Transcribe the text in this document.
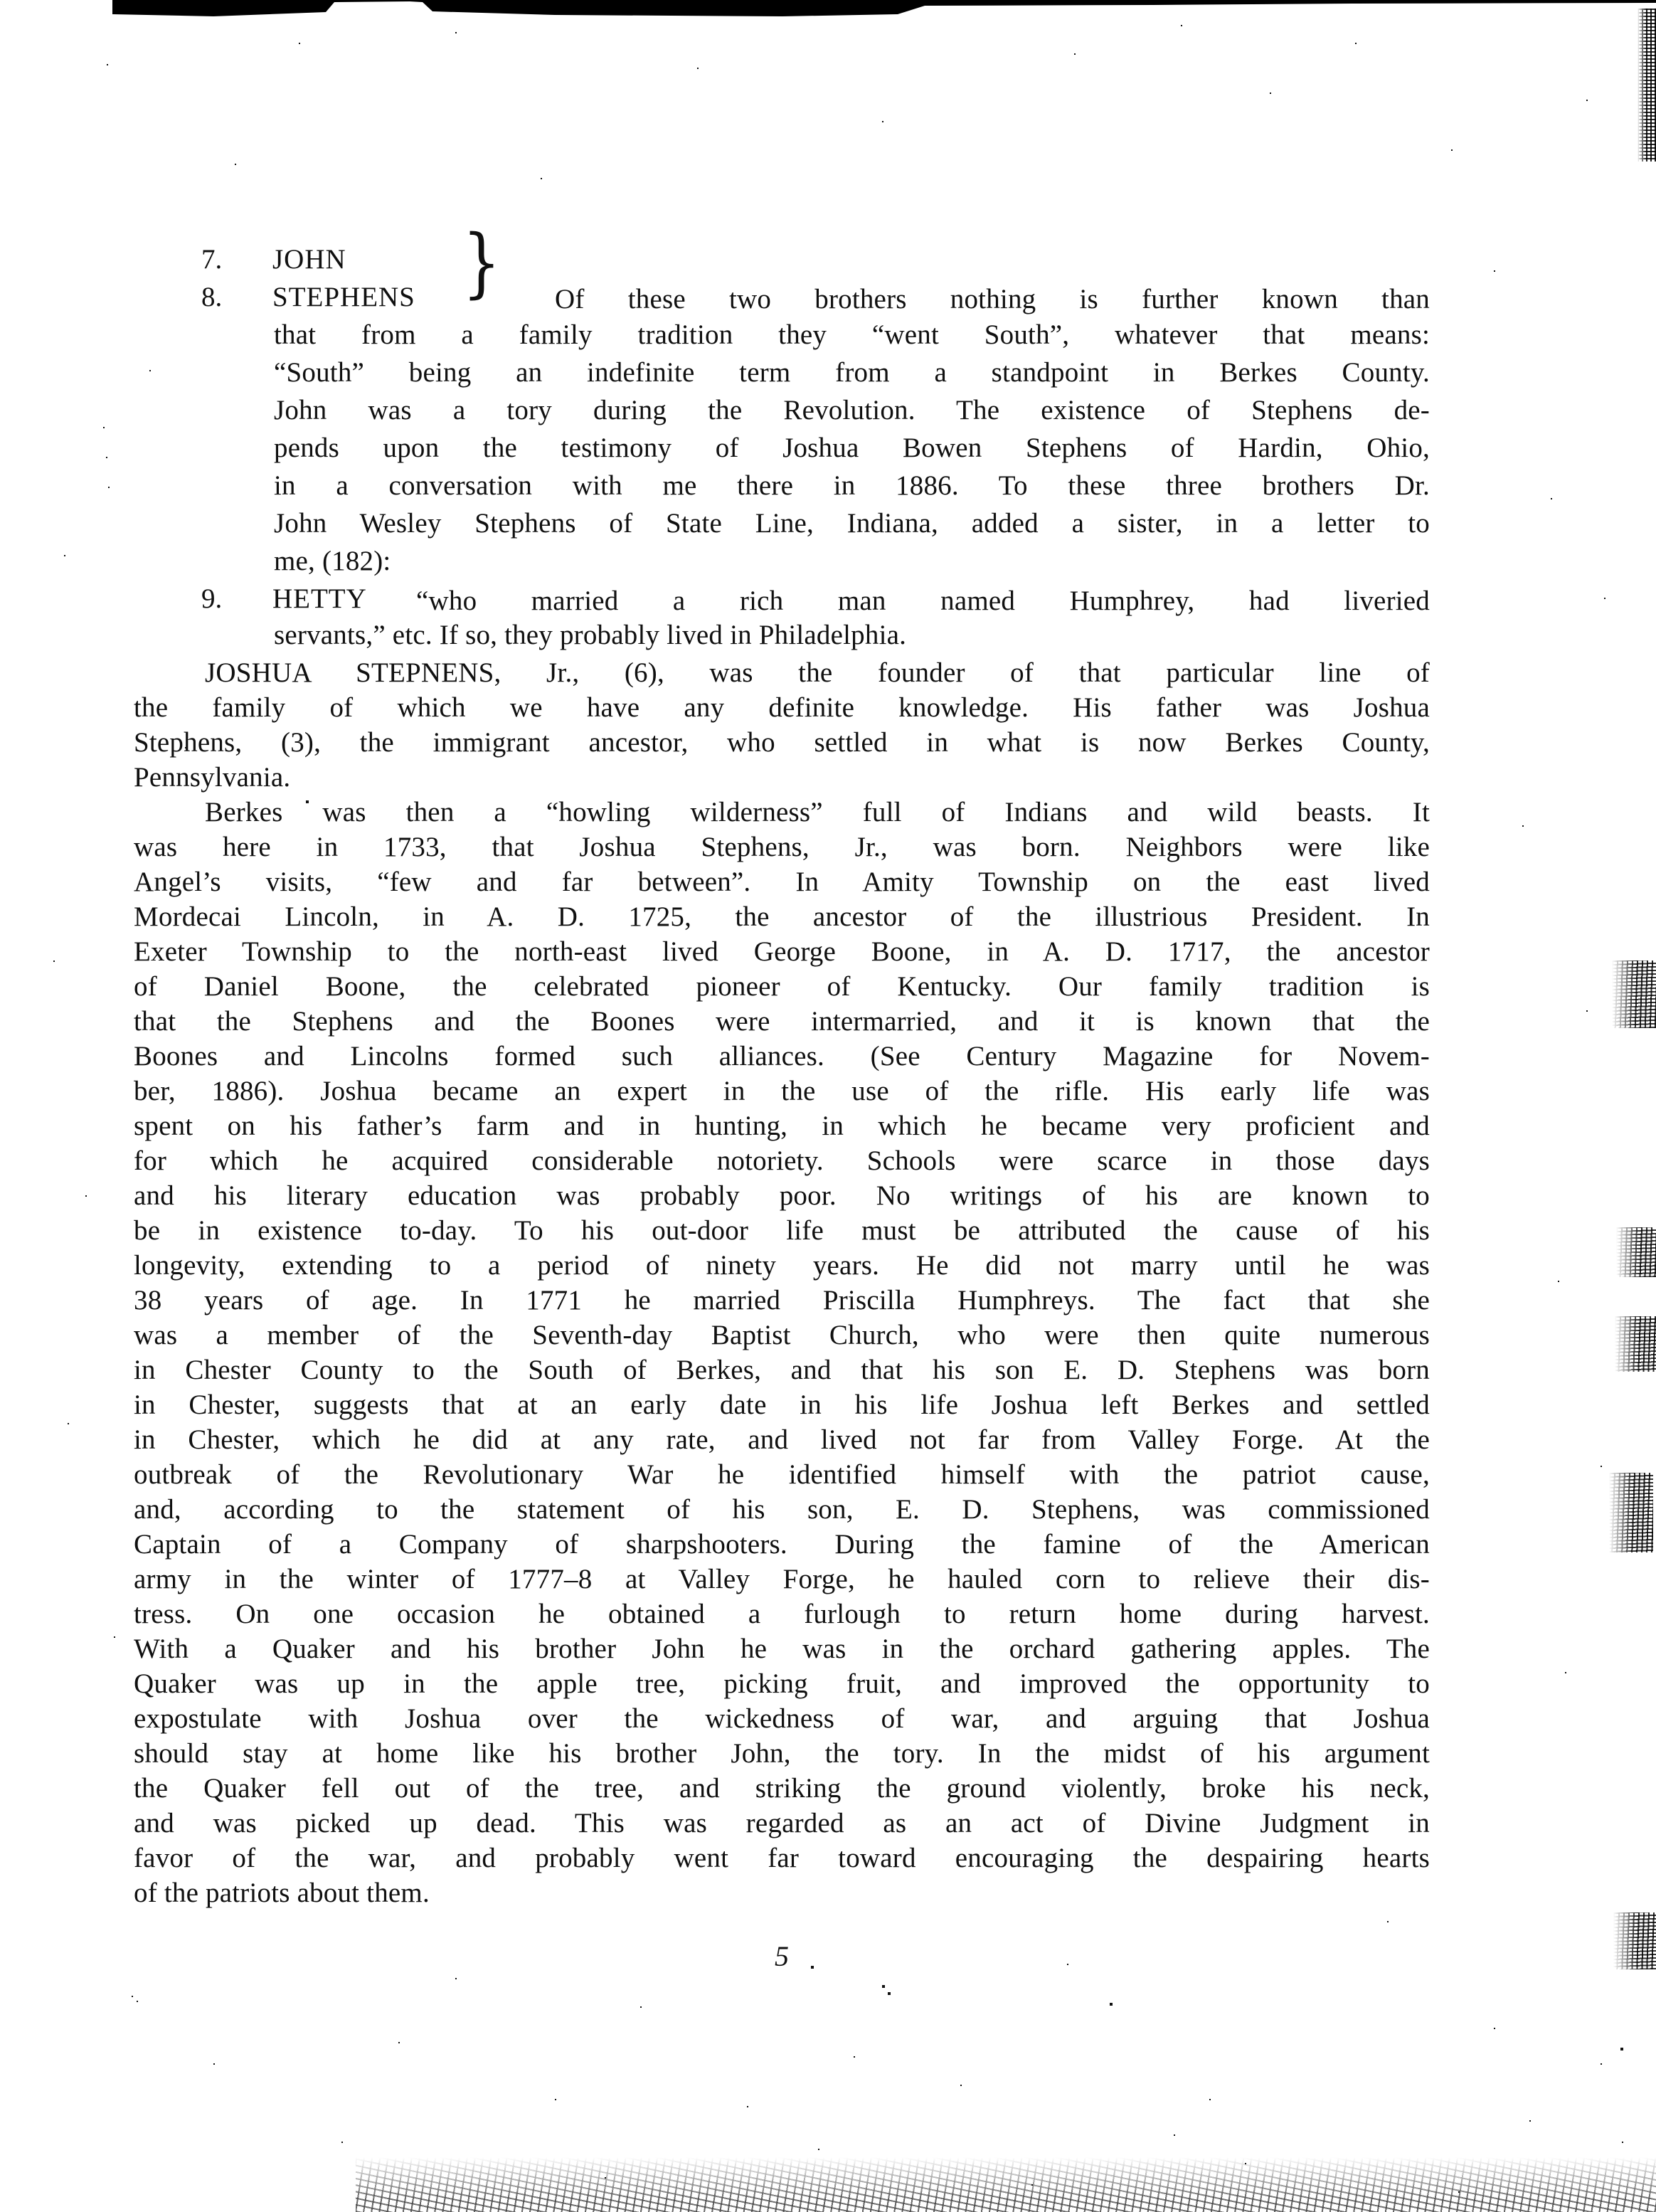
7. JOHN
8. STEPHENS } Of these two brothers nothing is further known than
that from a family tradition they “went South”, whatever that means:
“South” being an indefinite term from a standpoint in Berkes County.
John was a tory during the Revolution. The existence of Stephens de-
pends upon the testimony of Joshua Bowen Stephens of Hardin, Ohio,
in a conversation with me there in 1886. To these three brothers Dr.
John Wesley Stephens of State Line, Indiana, added a sister, in a letter to
me, (182):
9. HETTY “who married a rich man named Humphrey, had liveried
servants,” etc. If so, they probably lived in Philadelphia.
JOSHUA STEPNENS, Jr., (6), was the founder of that particular line of
the family of which we have any definite knowledge. His father was Joshua
Stephens, (3), the immigrant ancestor, who settled in what is now Berkes County,
Pennsylvania.
Berkes was then a “howling wilderness” full of Indians and wild beasts. It
was here in 1733, that Joshua Stephens, Jr., was born. Neighbors were like
Angel’s visits, “few and far between”. In Amity Township on the east lived
Mordecai Lincoln, in A. D. 1725, the ancestor of the illustrious President. In
Exeter Township to the north-east lived George Boone, in A. D. 1717, the ancestor
of Daniel Boone, the celebrated pioneer of Kentucky. Our family tradition is
that the Stephens and the Boones were intermarried, and it is known that the
Boones and Lincolns formed such alliances. (See Century Magazine for Novem-
ber, 1886). Joshua became an expert in the use of the rifle. His early life was
spent on his father’s farm and in hunting, in which he became very proficient and
for which he acquired considerable notoriety. Schools were scarce in those days
and his literary education was probably poor. No writings of his are known to
be in existence to-day. To his out-door life must be attributed the cause of his
longevity, extending to a period of ninety years. He did not marry until he was
38 years of age. In 1771 he married Priscilla Humphreys. The fact that she
was a member of the Seventh-day Baptist Church, who were then quite numerous
in Chester County to the South of Berkes, and that his son E. D. Stephens was born
in Chester, suggests that at an early date in his life Joshua left Berkes and settled
in Chester, which he did at any rate, and lived not far from Valley Forge. At the
outbreak of the Revolutionary War he identified himself with the patriot cause,
and, according to the statement of his son, E. D. Stephens, was commissioned
Captain of a Company of sharpshooters. During the famine of the American
army in the winter of 1777–8 at Valley Forge, he hauled corn to relieve their dis-
tress. On one occasion he obtained a furlough to return home during harvest.
With a Quaker and his brother John he was in the orchard gathering apples. The
Quaker was up in the apple tree, picking fruit, and improved the opportunity to
expostulate with Joshua over the wickedness of war, and arguing that Joshua
should stay at home like his brother John, the tory. In the midst of his argument
the Quaker fell out of the tree, and striking the ground violently, broke his neck,
and was picked up dead. This was regarded as an act of Divine Judgment in
favor of the war, and probably went far toward encouraging the despairing hearts
of the patriots about them.
5
